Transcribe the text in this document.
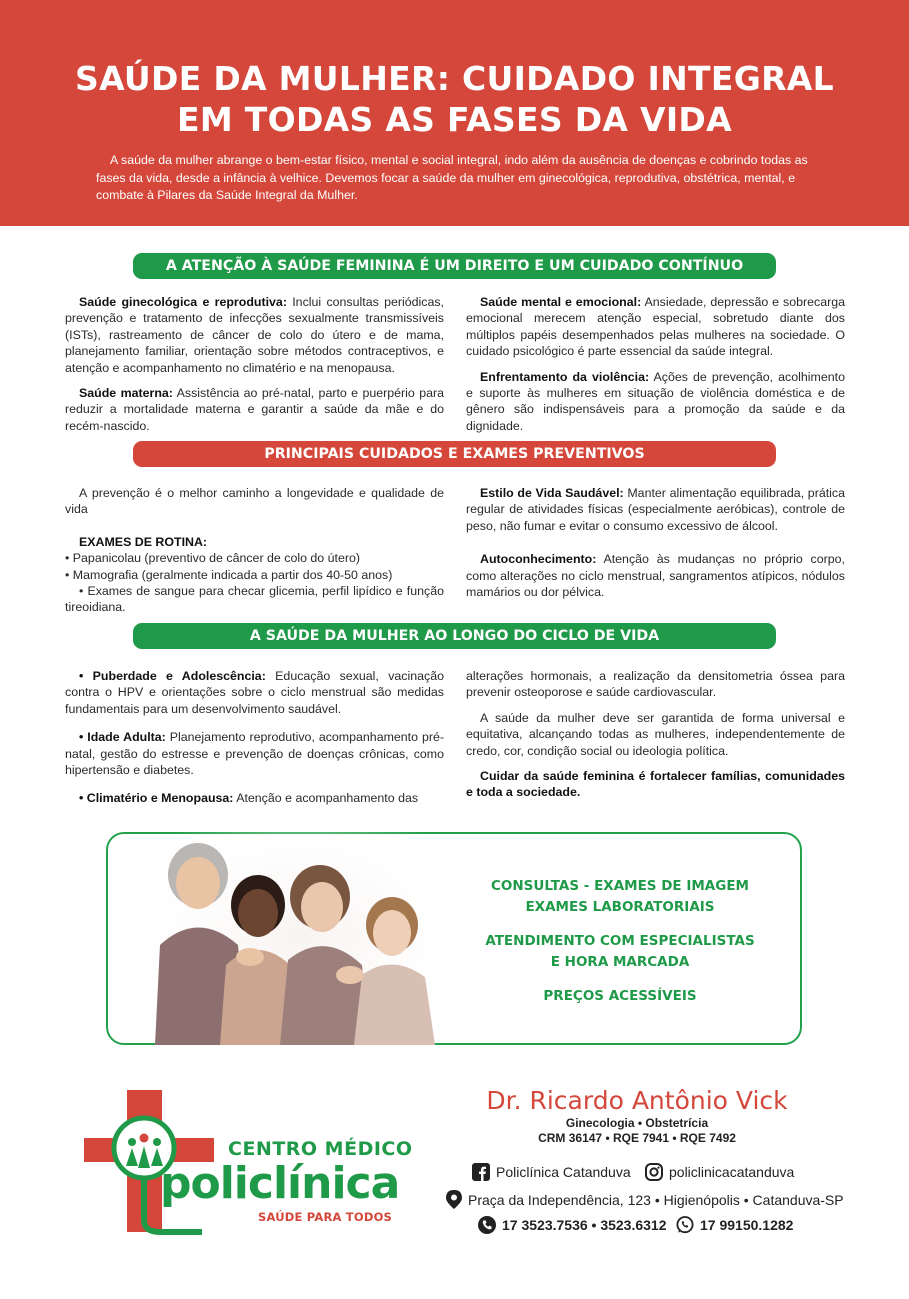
SAÚDE DA MULHER: CUIDADO INTEGRAL
EM TODAS AS FASES DA VIDA
A saúde da mulher abrange o bem-estar físico, mental e social integral, indo além da ausência de doenças e cobrindo todas as fases da vida, desde a infância à velhice. Devemos focar a saúde da mulher em ginecológica, reprodutiva, obstétrica, mental, e combate à Pilares da Saúde Integral da Mulher.
A ATENÇÃO À SAÚDE FEMININA É UM DIREITO E UM CUIDADO CONTÍNUO

Saúde ginecológica e reprodutiva: Inclui consultas periódicas, prevenção e tratamento de infecções sexualmente transmissíveis (ISTs), rastreamento de câncer de colo do útero e de mama, planejamento familiar, orientação sobre métodos contraceptivos, e atenção e acompanhamento no climatério e na menopausa.

Saúde materna: Assistência ao pré-natal, parto e puerpério para reduzir a mortalidade materna e garantir a saúde da mãe e do recém-nascido.

Saúde mental e emocional: Ansiedade, depressão e sobrecarga emocional merecem atenção especial, sobretudo diante dos múltiplos papéis desempenhados pelas mulheres na sociedade. O cuidado psicológico é parte essencial da saúde integral.

Enfrentamento da violência: Ações de prevenção, acolhimento e suporte às mulheres em situação de violência doméstica e de gênero são indispensáveis para a promoção da saúde e da dignidade.

PRINCIPAIS CUIDADOS E EXAMES PREVENTIVOS

A prevenção é o melhor caminho a longevidade e qualidade de vida

EXAMES DE ROTINA:
• Papanicolau (preventivo de câncer de colo do útero)
• Mamografia (geralmente indicada a partir dos 40-50 anos)
• Exames de sangue para checar glicemia, perfil lipídico e função tireoidiana.

Estilo de Vida Saudável: Manter alimentação equilibrada, prática regular de atividades físicas (especialmente aeróbicas), controle de peso, não fumar e evitar o consumo excessivo de álcool.

Autoconhecimento: Atenção às mudanças no próprio corpo, como alterações no ciclo menstrual, sangramentos atípicos, nódulos mamários ou dor pélvica.

A SAÚDE DA MULHER AO LONGO DO CICLO DE VIDA

• Puberdade e Adolescência: Educação sexual, vacinação contra o HPV e orientações sobre o ciclo menstrual são medidas fundamentais para um desenvolvimento saudável.

• Idade Adulta: Planejamento reprodutivo, acompanhamento pré-natal, gestão do estresse e prevenção de doenças crônicas, como hipertensão e diabetes.

• Climatério e Menopausa: Atenção e acompanhamento das

alterações hormonais, a realização da densitometria óssea para prevenir osteoporose e saúde cardiovascular.

A saúde da mulher deve ser garantida de forma universal e equitativa, alcançando todas as mulheres, independentemente de credo, cor, condição social ou ideologia política.

Cuidar da saúde feminina é fortalecer famílias, comunidades e toda a sociedade.

CONSULTAS - EXAMES DE IMAGEM
EXAMES LABORATORIAIS
ATENDIMENTO COM ESPECIALISTAS
E HORA MARCADA
PREÇOS ACESSÍVEIS
CENTRO MÉDICO
policlínica
SAÚDE PARA TODOS
Dr. Ricardo Antônio Vick
Ginecologia • Obstetrícia
CRM 36147 • RQE 7941 • RQE 7492
Policlínica Catanduva	policlinicacatanduva
Praça da Independência, 123 • Higienópolis • Catanduva-SP
17 3523.7536 • 3523.6312 17 99150.1282
